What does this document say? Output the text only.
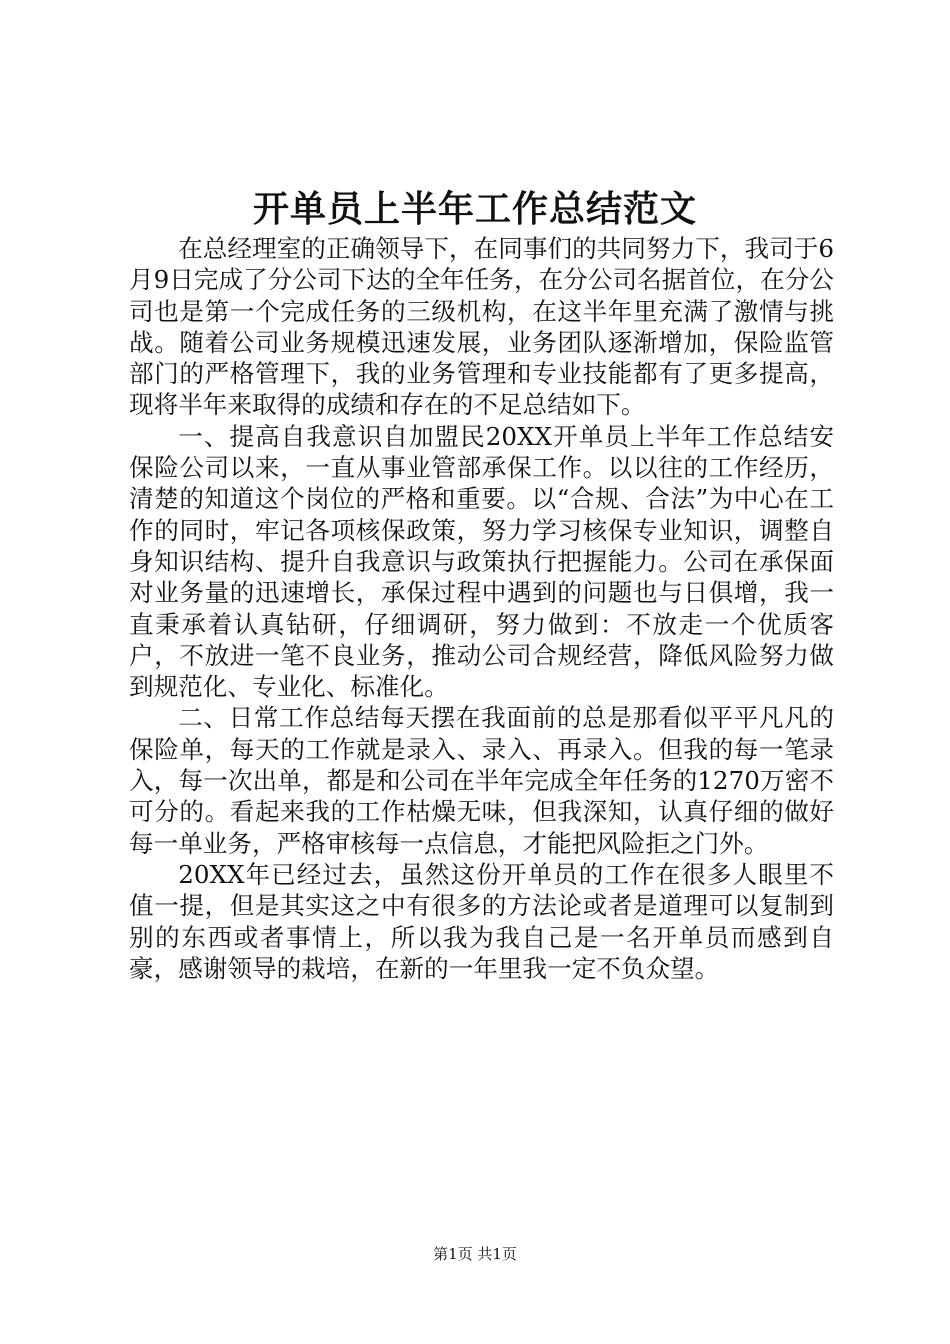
开单员上半年工作总结范文

在总经理室的正确领导下，在同事们的共同努力下，我司于6月9日完成了分公司下达的全年任务，在分公司名据首位，在分公司也是第一个完成任务的三级机构，在这半年里充满了激情与挑战。随着公司业务规模迅速发展，业务团队逐渐增加，保险监管部门的严格管理下，我的业务管理和专业技能都有了更多提高，现将半年来取得的成绩和存在的不足总结如下。

一、提高自我意识自加盟民20XX开单员上半年工作总结安保险公司以来，一直从事业管部承保工作。以以往的工作经历，清楚的知道这个岗位的严格和重要。以“合规、合法”为中心在工作的同时，牢记各项核保政策，努力学习核保专业知识，调整自身知识结构、提升自我意识与政策执行把握能力。公司在承保面对业务量的迅速增长，承保过程中遇到的问题也与日俱增，我一直秉承着认真钻研，仔细调研，努力做到：不放走一个优质客户，不放进一笔不良业务，推动公司合规经营，降低风险努力做到规范化、专业化、标准化。

二、日常工作总结每天摆在我面前的总是那看似平平凡凡的保险单，每天的工作就是录入、录入、再录入。但我的每一笔录入，每一次出单，都是和公司在半年完成全年任务的1270万密不可分的。看起来我的工作枯燥无味，但我深知，认真仔细的做好每一单业务，严格审核每一点信息，才能把风险拒之门外。

20XX年已经过去，虽然这份开单员的工作在很多人眼里不值一提，但是其实这之中有很多的方法论或者是道理可以复制到别的东西或者事情上，所以我为我自己是一名开单员而感到自豪，感谢领导的栽培，在新的一年里我一定不负众望。

第1页 共1页
